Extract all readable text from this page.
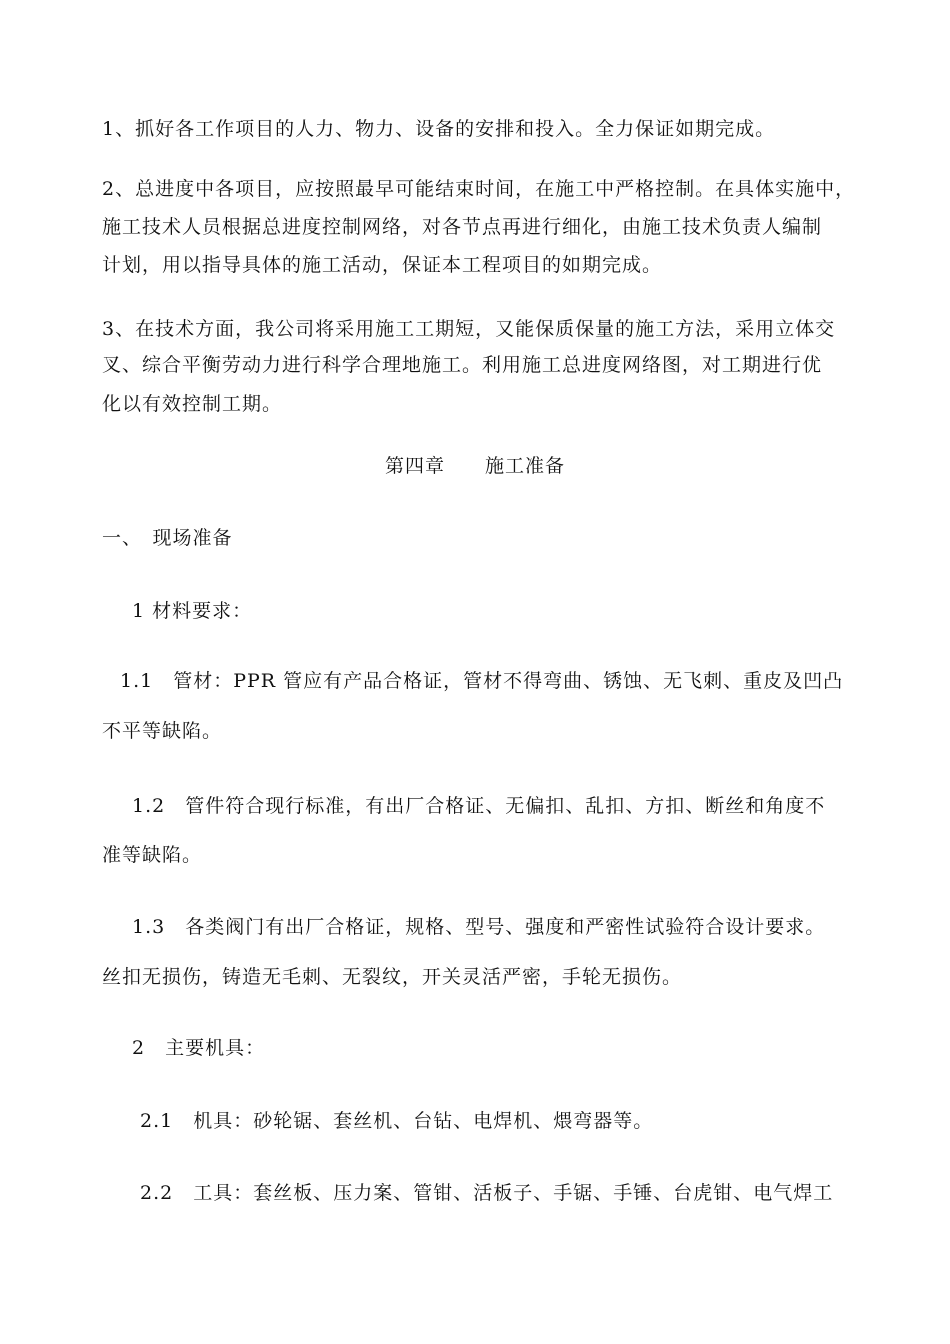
1、抓好各工作项目的人力、物力、设备的安排和投入。全力保证如期完成。
2、总进度中各项目，应按照最早可能结束时间，在施工中严格控制。在具体实施中，
施工技术人员根据总进度控制网络，对各节点再进行细化，由施工技术负责人编制
计划，用以指导具体的施工活动，保证本工程项目的如期完成。
3、在技术方面，我公司将采用施工工期短，又能保质保量的施工方法，采用立体交
叉、综合平衡劳动力进行科学合理地施工。利用施工总进度网络图，对工期进行优
化以有效控制工期。
第四章　　施工准备
一、　现场准备
1 材料要求：
1.1　管材：PPR 管应有产品合格证，管材不得弯曲、锈蚀、无飞刺、重皮及凹凸
不平等缺陷。
1.2　管件符合现行标准，有出厂合格证、无偏扣、乱扣、方扣、断丝和角度不
准等缺陷。
1.3　各类阀门有出厂合格证，规格、型号、强度和严密性试验符合设计要求。
丝扣无损伤，铸造无毛刺、无裂纹，开关灵活严密，手轮无损伤。
2　主要机具：
2.1　机具：砂轮锯、套丝机、台钻、电焊机、煨弯器等。
2.2　工具：套丝板、压力案、管钳、活板子、手锯、手锤、台虎钳、电气焊工
